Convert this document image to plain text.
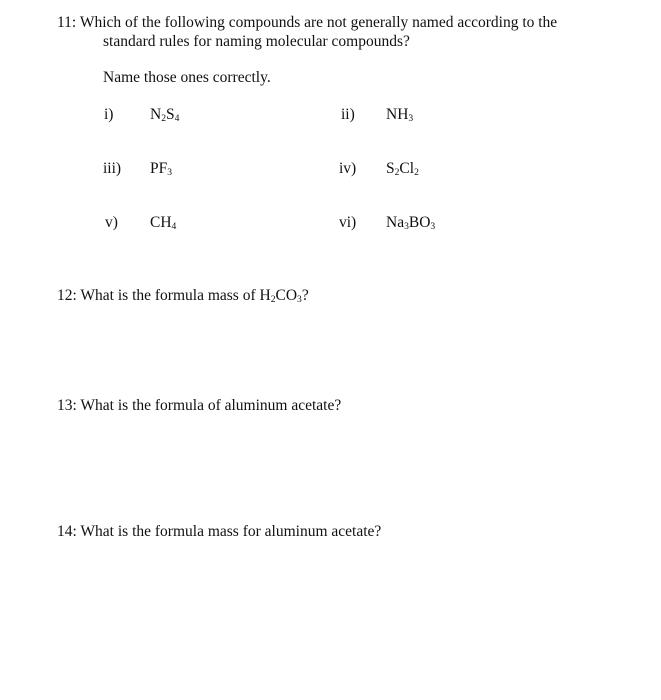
11: Which of the following compounds are not generally named according to the
standard rules for naming molecular compounds?
Name those ones correctly.
i) $N_2S_4$	ii) $NH_3$
iii) $PF_3$	iv) $S_2Cl_2$
v) $CH_4$	vi) $Na_3BO_3$
12: What is the formula mass of $H_2CO_3$?
13: What is the formula of aluminum acetate?
14: What is the formula mass for aluminum acetate?
